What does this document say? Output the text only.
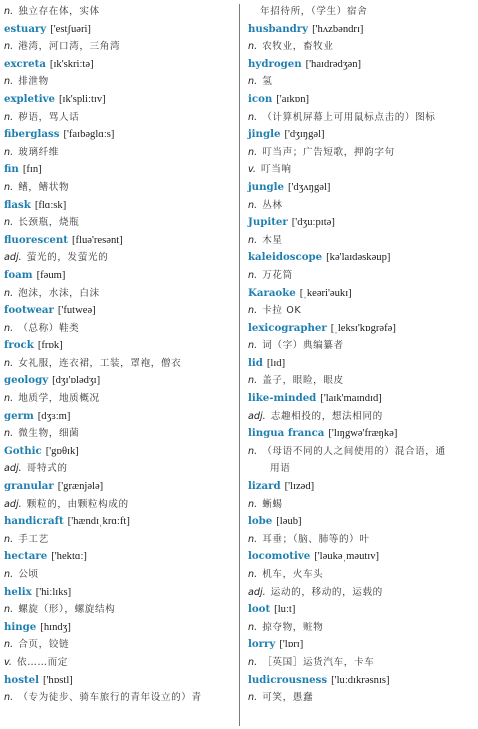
n. 独立存在体，实体
estuary ['estʃuəri]
n. 港湾，河口湾，三角湾
excreta [ɪk'skriːtə]
n. 排泄物
expletive [ɪk'spliːtɪv]
n. 秽语，骂人话
fiberglass ['faɪbəglɑːs]
n. 玻璃纤维
fin [fɪn]
n. 鳍，鳍状物
flask [flɑːsk]
n. 长颈瓶，烧瓶
fluorescent [fluə'resənt]
adj. 萤光的，发萤光的
foam [fəum]
n. 泡沫，水沫，白沫
footwear ['futweə]
n. （总称）鞋类
frock [frɒk]
n. 女礼服，连衣裙，工装，罩袍，僧衣
geology [dʒɪ'ɒlədʒɪ]
n. 地质学，地质概况
germ [dʒɜːm]
n. 微生物，细菌
Gothic ['gɒθɪk]
adj. 哥特式的
granular ['grænjələ]
adj. 颗粒的，由颗粒构成的
handicraft ['hændɪˌkrɑːft]
n. 手工艺
hectare ['hektɑː]
n. 公顷
helix ['hiːlɪks]
n. 螺旋（形），螺旋结构
hinge [hɪndʒ]
n. 合页，铰链
v. 依……而定
hostel ['hɒstl]
n. （专为徒步、骑车旅行的青年设立的）青
年招待所，（学生）宿舍
husbandry ['hʌzbəndrɪ]
n. 农牧业，畜牧业
hydrogen ['haɪdrədʒən]
n. 氢
icon ['aɪkɒn]
n. （计算机屏幕上可用鼠标点击的）图标
jingle ['dʒɪŋgəl]
n. 叮当声；广告短歌，押韵字句
v. 叮当响
jungle ['dʒʌŋgəl]
n. 丛林
Jupiter ['dʒuːpɪtə]
n. 木星
kaleidoscope [kə'laɪdəskəup]
n. 万花筒
Karaoke [ˌkeəri'əukɪ]
n. 卡拉 OK
lexicographer [ˌleksɪ'kɒgrəfə]
n. 词（字）典编纂者
lid [lɪd]
n. 盖子，眼睑，眼皮
like-minded ['laɪk'maɪndɪd]
adj. 志趣相投的，想法相同的
lingua franca ['lɪŋgwə'fræŋkə]
n. （母语不同的人之间使用的）混合语，通
用语
lizard ['lɪzəd]
n. 蜥蜴
lobe [ləub]
n. 耳垂；（脑、肺等的）叶
locomotive ['ləukəˌməutɪv]
n. 机车，火车头
adj. 运动的，移动的，运载的
loot [luːt]
n. 掠夺物，赃物
lorry ['lɒrɪ]
n. ［英国］运货汽车，卡车
ludicrousness ['luːdɪkrəsnɪs]
n. 可笑，愚蠢
